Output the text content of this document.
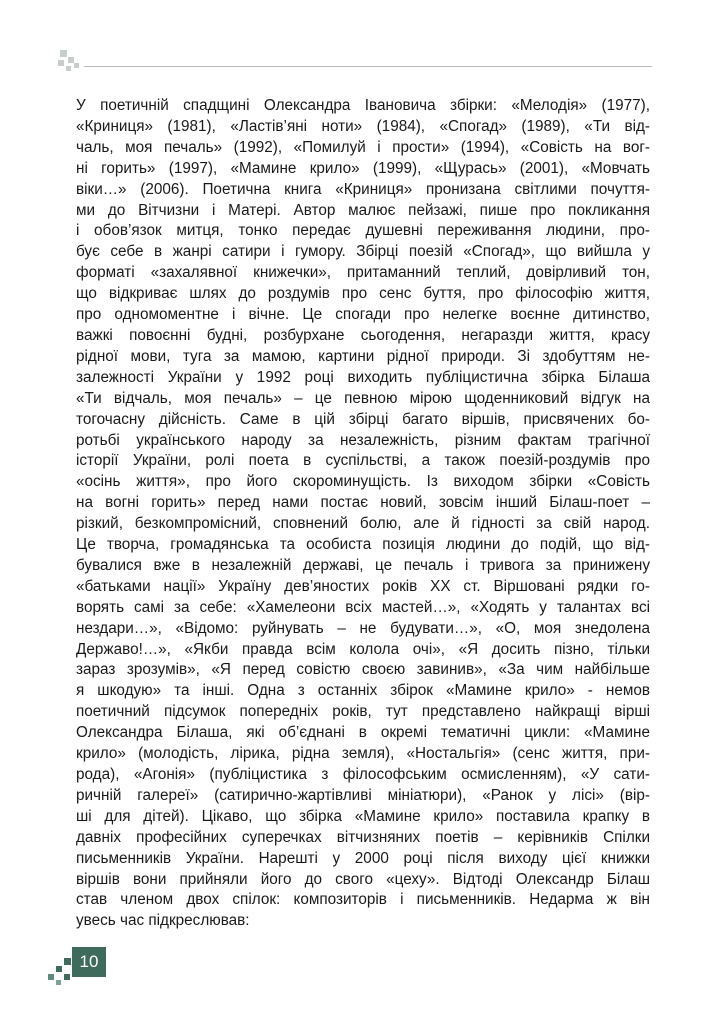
У поетичній спадщині Олександра Івановича збірки: «Мелодія» (1977),
«Криниця» (1981), «Ластів’яні ноти» (1984), «Спогад» (1989), «Ти від-
чаль, моя печаль» (1992), «Помилуй і прости» (1994), «Совість на вог-
ні горить» (1997), «Мамине крило» (1999), «Щурась» (2001), «Мовчать
віки…» (2006). Поетична книга «Криниця» пронизана світлими почуття-
ми до Вітчизни і Матері. Автор малює пейзажі, пише про покликання
і обов’язок митця, тонко передає душевні переживання людини, про-
бує себе в жанрі сатири і гумору. Збірці поезій «Спогад», що вийшла у
форматі «захалявної книжечки», притаманний теплий, довірливий тон,
що відкриває шлях до роздумів про сенс буття, про філософію життя,
про одномоментне і вічне. Це спогади про нелегке воєнне дитинство,
важкі повоєнні будні, розбурхане сьогодення, негаразди життя, красу
рідної мови, туга за мамою, картини рідної природи. Зі здобуттям не-
залежності України у 1992 році виходить публіцистична збірка Білаша
«Ти відчаль, моя печаль» – це певною мірою щоденниковий відгук на
тогочасну дійсність. Саме в цій збірці багато віршів, присвячених бо-
ротьбі українського народу за незалежність, різним фактам трагічної
історії України, ролі поета в суспільстві, а також поезій-роздумів про
«осінь життя», про його скороминущість. Із виходом збірки «Совість
на вогні горить» перед нами постає новий, зовсім інший Білаш-поет –
різкий, безкомпромісний, сповнений болю, але й гідності за свій народ.
Це творча, громадянська та особиста позиція людини до подій, що від-
бувалися вже в незалежній державі, це печаль і тривога за принижену
«батьками нації» Україну дев’яностих років ХХ ст. Віршовані рядки го-
ворять самі за себе: «Хамелеони всіх мастей…», «Ходять у талантах всі
нездари…», «Відомо: руйнувать – не будувати…», «О, моя знедолена
Державо!…», «Якби правда всім колола очі», «Я досить пізно, тільки
зараз зрозумів», «Я перед совістю своєю завинив», «За чим найбільше
я шкодую» та інші. Одна з останніх збірок «Мамине крило» - немов
поетичний підсумок попередніх років, тут представлено найкращі вірші
Олександра Білаша, які об’єднані в окремі тематичні цикли: «Мамине
крило» (молодість, лірика, рідна земля), «Ностальгія» (сенс життя, при-
рода), «Агонія» (публіцистика з філософським осмисленням), «У сати-
ричній галереї» (сатирично-жартівливі мініатюри), «Ранок у лісі» (вір-
ші для дітей). Цікаво, що збірка «Мамине крило» поставила крапку в
давніх професійних суперечках вітчизняних поетів – керівників Спілки
письменників України. Нарешті у 2000 році після виходу цієї книжки
віршів вони прийняли його до свого «цеху». Відтоді Олександр Білаш
став членом двох спілок: композиторів і письменників. Недарма ж він
увесь час підкреслював:
10
